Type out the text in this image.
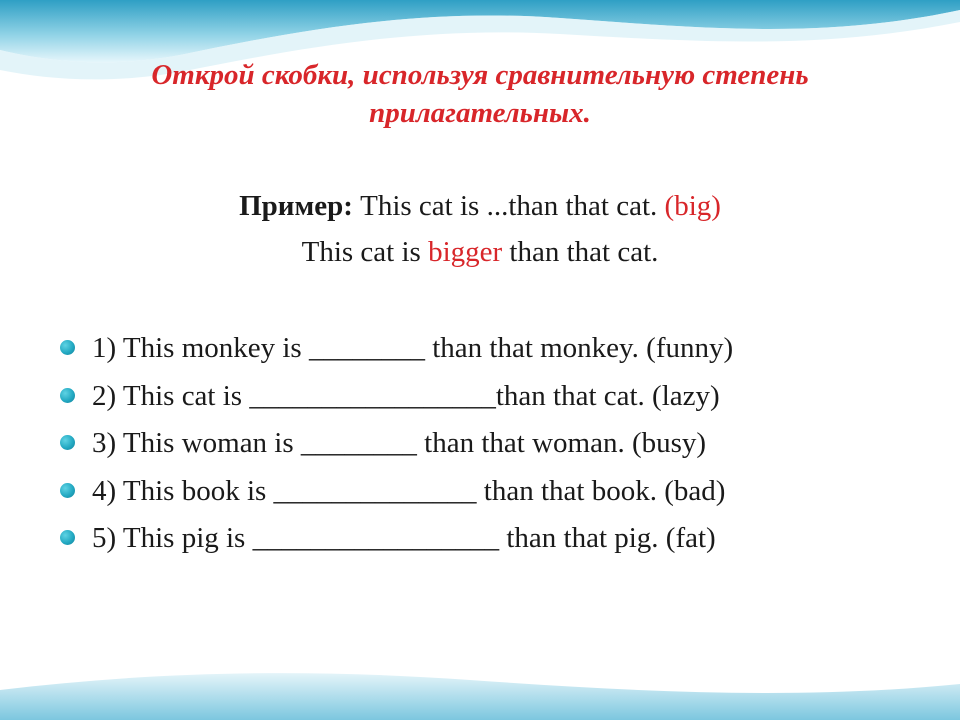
Открой скобки, используя сравнительную степень
прилагательных.
Пример: This cat is ...than that cat. (big)
This cat is bigger than that cat.
1) This monkey is ________ than that monkey. (funny)
2) This cat is _________________than that cat. (lazy)
3) This woman is ________ than that woman. (busy)
4) This book is ______________ than that book. (bad)
5) This pig is _________________ than that pig. (fat)
